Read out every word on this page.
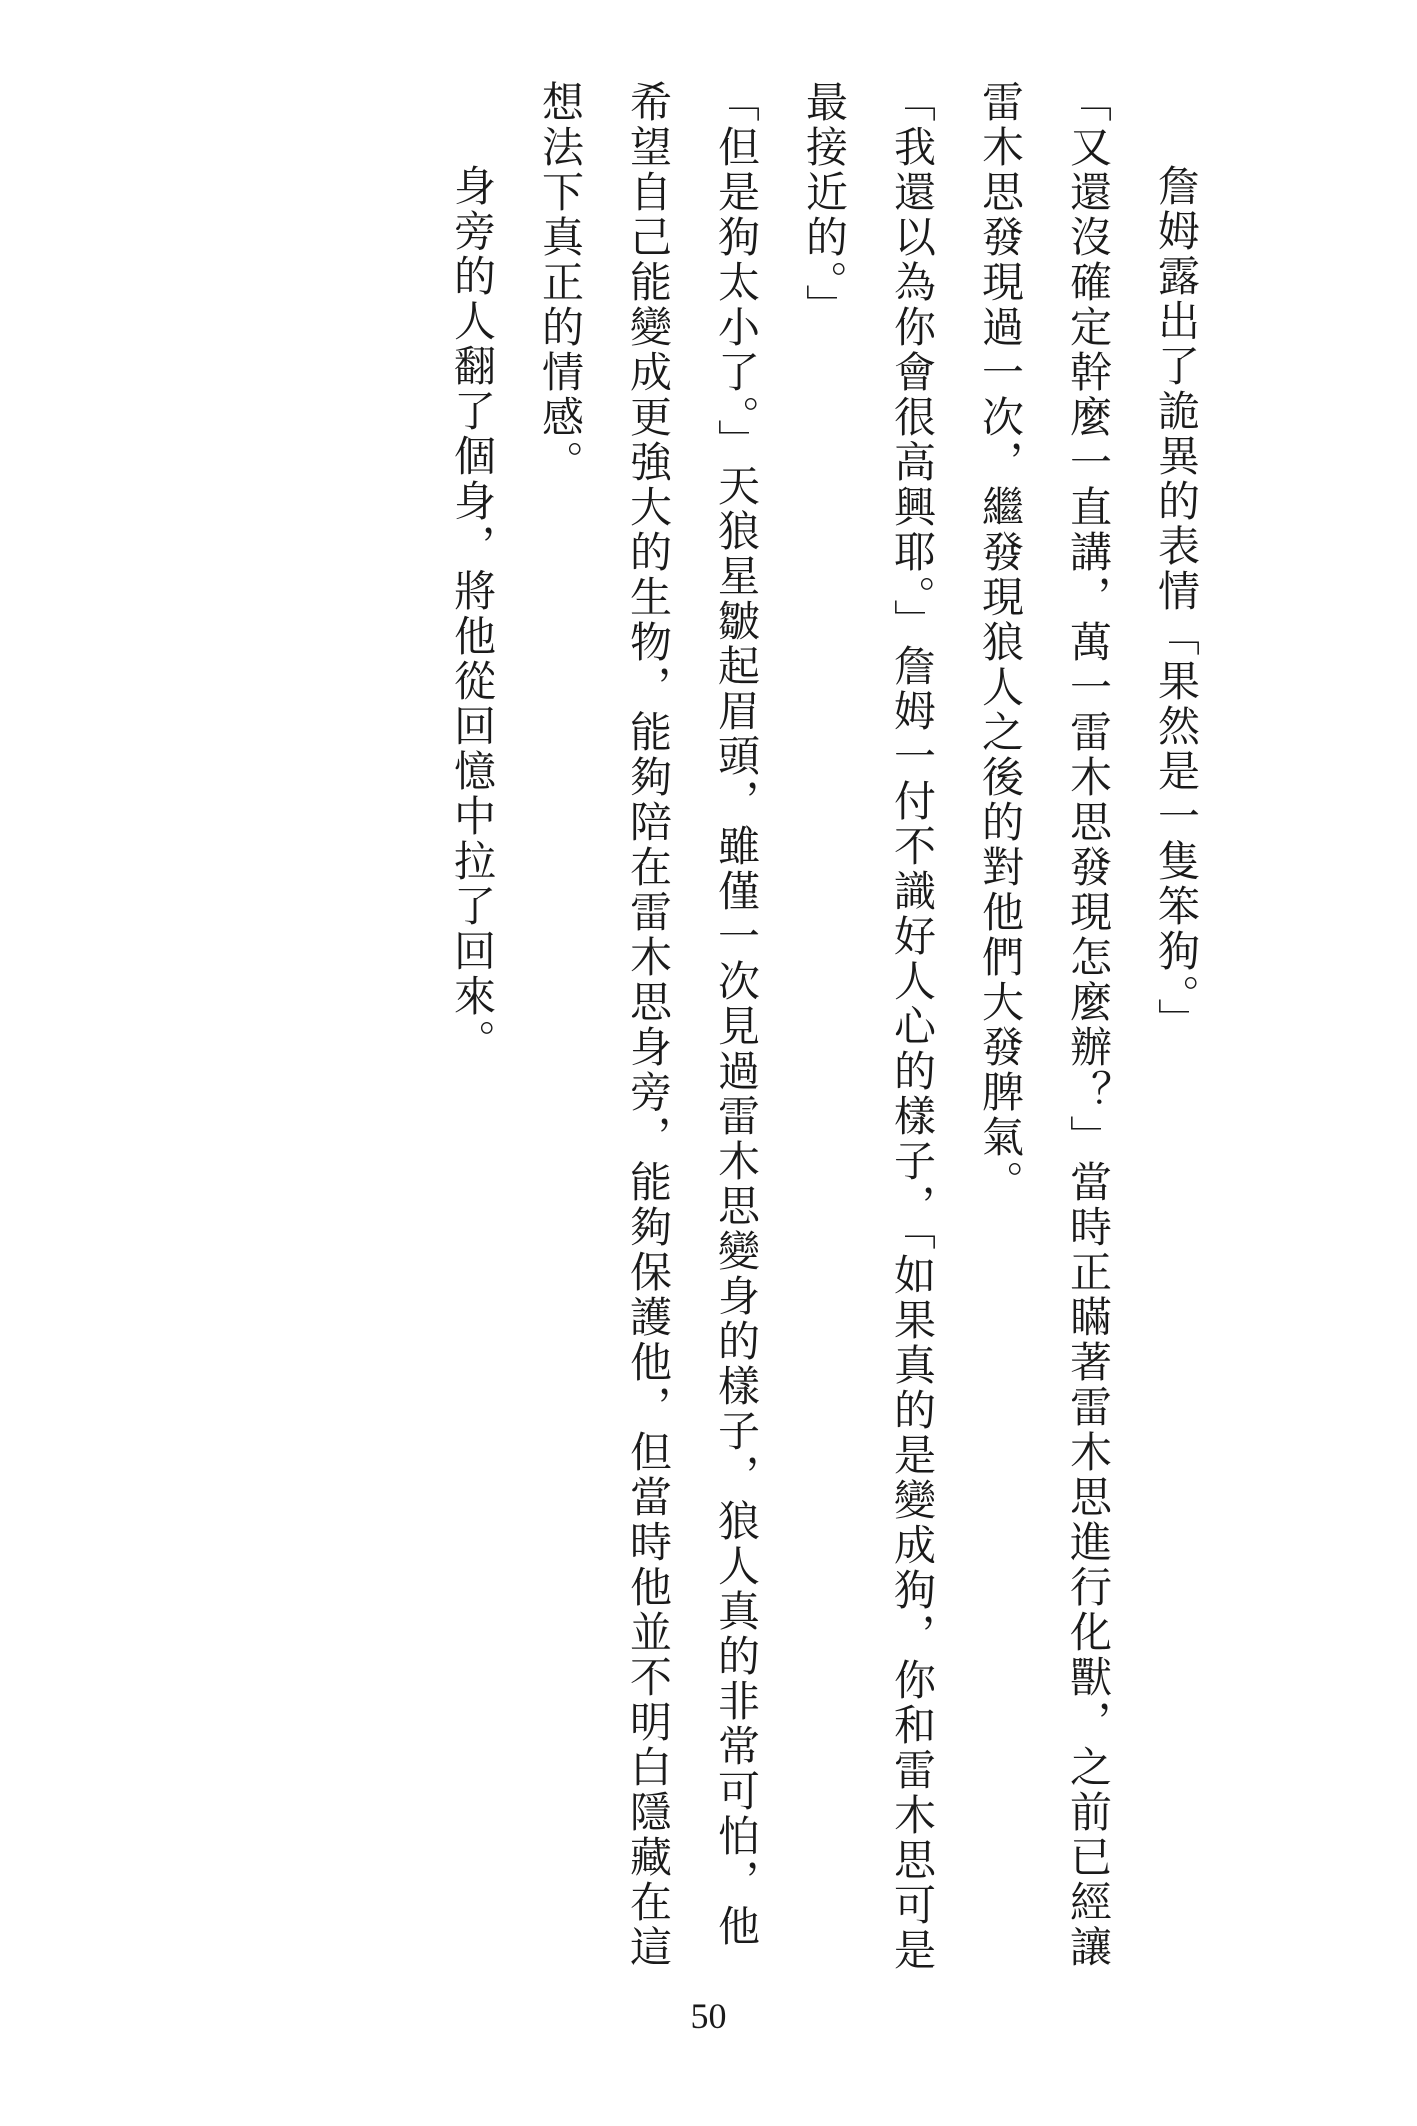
詹姆露出了詭異的表情「果然是一隻笨狗。」

「又還沒確定幹麼一直講，萬一雷木思發現怎麼辦？」當時正瞞著雷木思進行化獸，之前已經讓雷木思發現過一次，繼發現狼人之後的對他們大發脾氣。

「我還以為你會很高興耶。」詹姆一付不識好人心的樣子，「如果真的是變成狗，你和雷木思可是最接近的。」

「但是狗太小了。」天狼星皺起眉頭，雖僅一次見過雷木思變身的樣子，狼人真的非常可怕，他希望自己能變成更強大的生物，能夠陪在雷木思身旁，能夠保護他，但當時他並不明白隱藏在這想法下真正的情感。

身旁的人翻了個身，將他從回憶中拉了回來。

50
